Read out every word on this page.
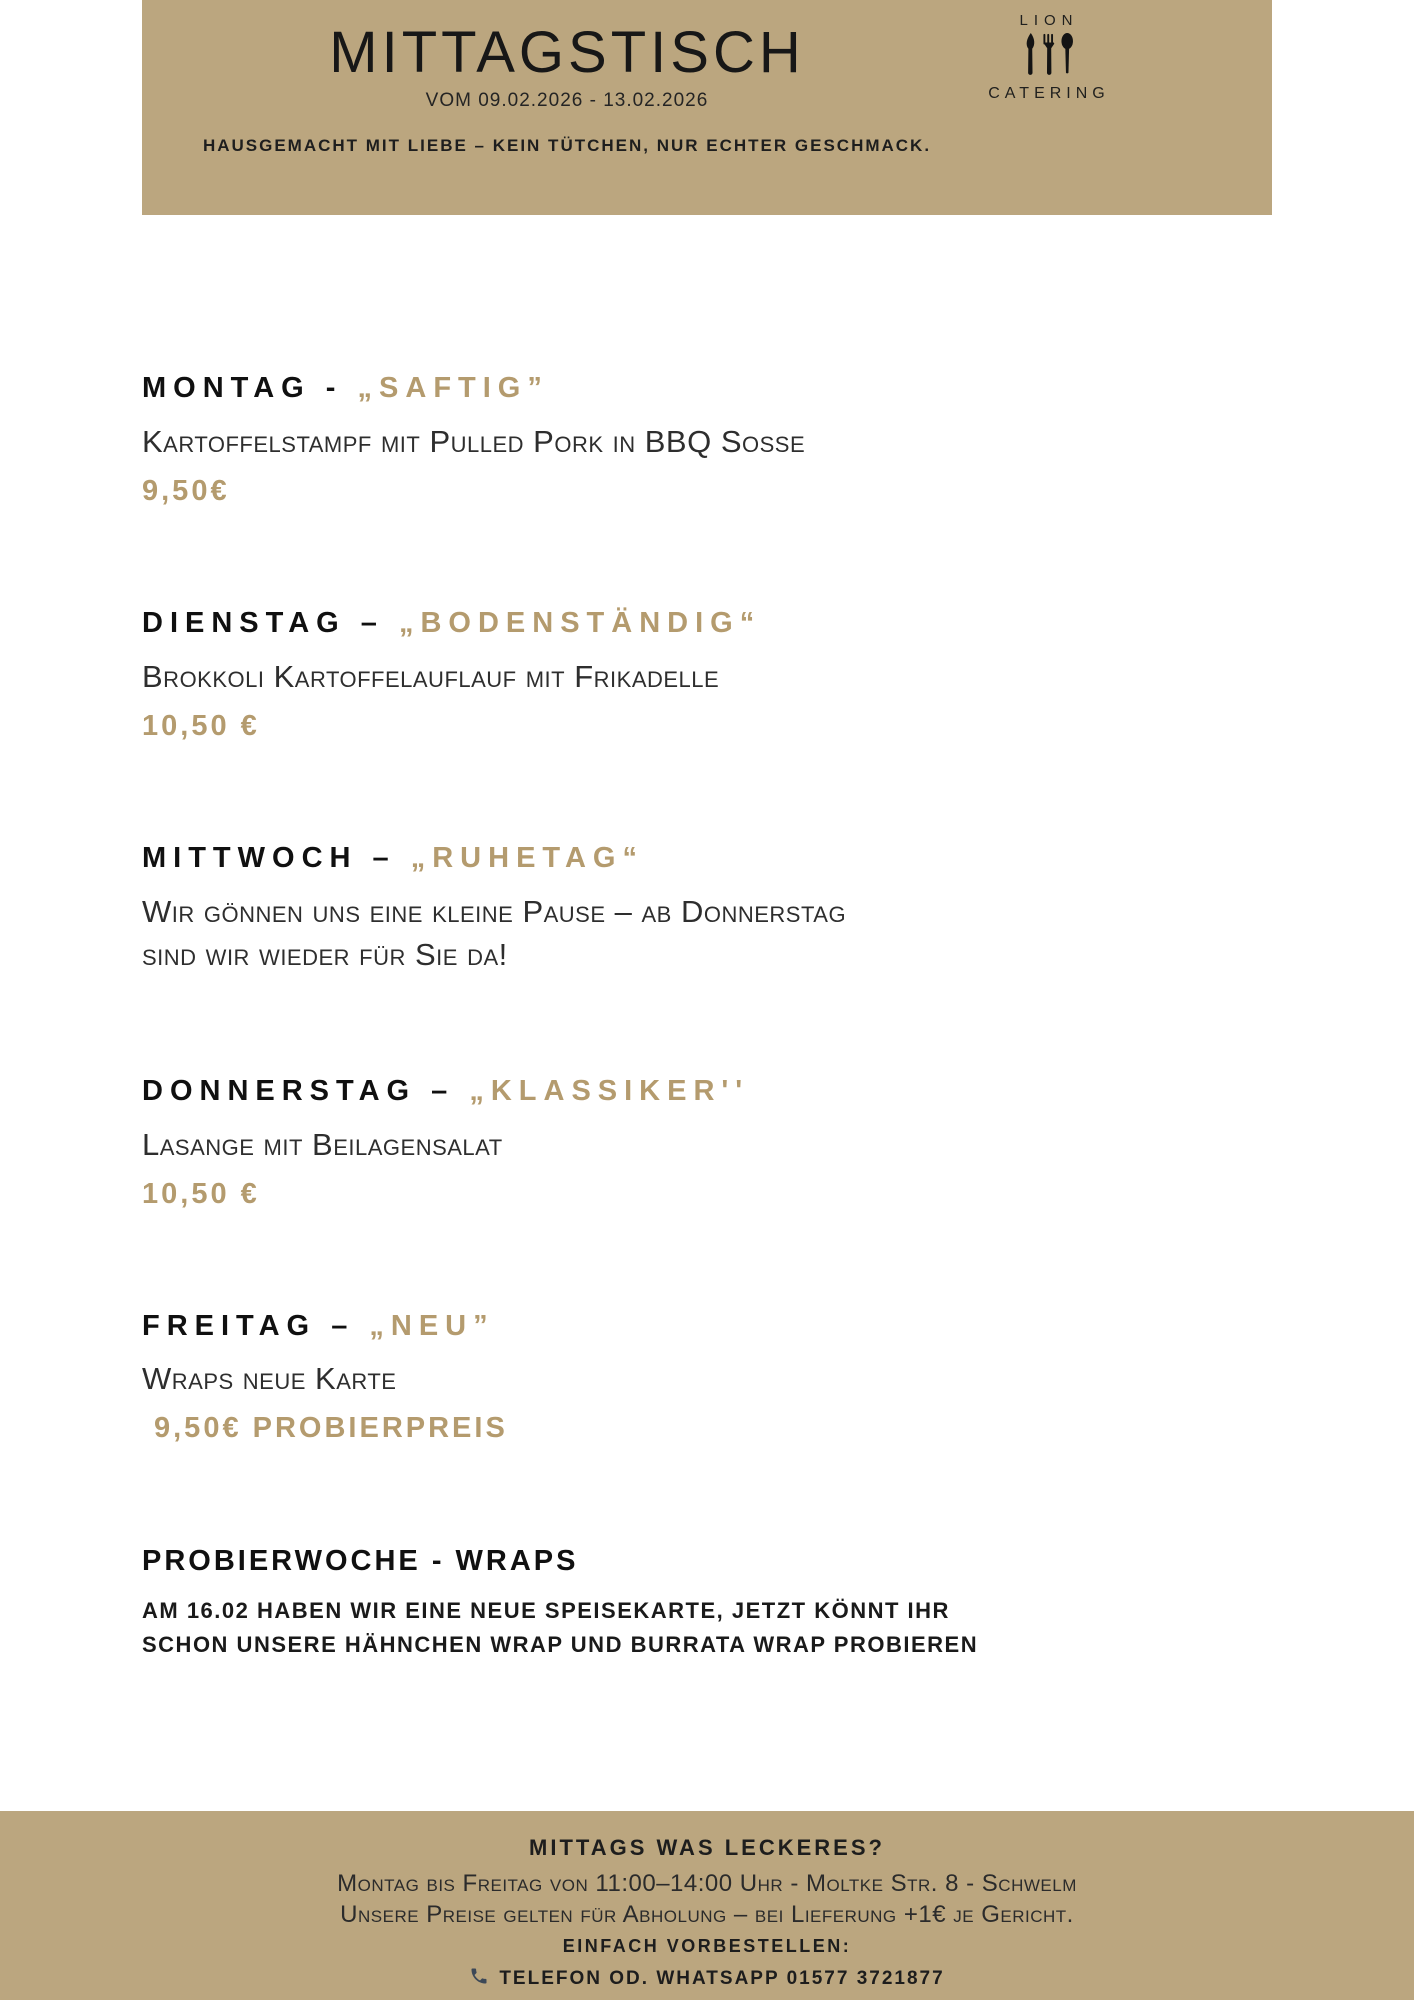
MITTAGSTISCH
VOM 09.02.2026 - 13.02.2026
HAUSGEMACHT MIT LIEBE – KEIN TÜTCHEN, NUR ECHTER GESCHMACK.
LION
CATERING
MONTAG - „SAFTIG”
Kartoffelstampf mit Pulled Pork in BBQ Sosse
9,50€
DIENSTAG – „BODENSTÄNDIG“
Brokkoli Kartoffelauflauf mit Frikadelle
10,50 €
MITTWOCH – „RUHETAG“
Wir gönnen uns eine kleine Pause – ab Donnerstag
sind wir wieder für Sie da!
DONNERSTAG – „KLASSIKER''
Lasange mit Beilagensalat
10,50 €
FREITAG – „NEU”
Wraps neue Karte
9,50€ PROBIERPREIS
PROBIERWOCHE - WRAPS
AM 16.02 HABEN WIR EINE NEUE SPEISEKARTE, JETZT KÖNNT IHR
SCHON UNSERE HÄHNCHEN WRAP UND BURRATA WRAP PROBIEREN
MITTAGS WAS LECKERES?
Montag bis Freitag von 11:00–14:00 Uhr - Moltke Str. 8 - Schwelm
Unsere Preise gelten für Abholung – bei Lieferung +1€ je Gericht.
EINFACH VORBESTELLEN:
TELEFON OD. WHATSAPP 01577 3721877
